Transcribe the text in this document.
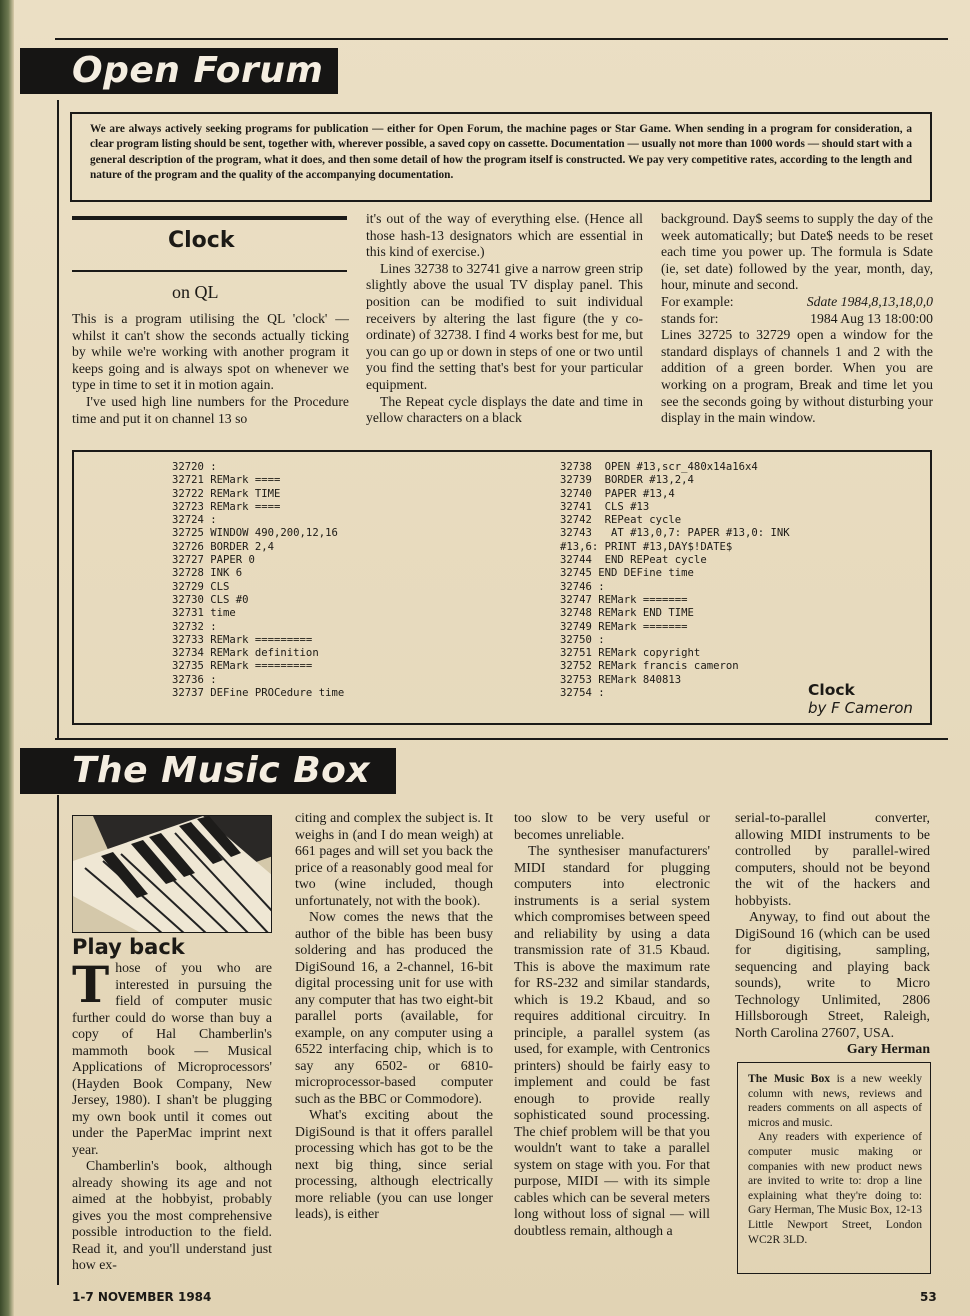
Open Forum
We are always actively seeking programs for publication — either for Open Forum, the machine pages or Star Game. When sending in a program for consideration, a clear program listing should be sent, together with, wherever possible, a saved copy on cassette. Documentation — usually not more than 1000 words — should start with a general description of the program, what it does, and then some detail of how the program itself is constructed. We pay very competitive rates, according to the length and nature of the program and the quality of the accompanying documentation.
Clock
on QL

This is a program utilising the QL 'clock' — whilst it can't show the seconds actually ticking by while we're working with another program it keeps going and is always spot on whenever we type in time to set it in motion again.

I've used high line numbers for the Procedure time and put it on channel 13 so

it's out of the way of everything else. (Hence all those hash-13 designators which are essential in this kind of exercise.)

Lines 32738 to 32741 give a narrow green strip slightly above the usual TV display panel. This position can be modified to suit individual receivers by altering the last figure (the y co-ordinate) of 32738. I find 4 works best for me, but you can go up or down in steps of one or two until you find the setting that's best for your particular equipment.

The Repeat cycle displays the date and time in yellow characters on a black

background. Day$ seems to supply the day of the week automatically; but Date$ needs to be reset each time you power up. The formula is Sdate (ie, set date) followed by the year, month, day, hour, minute and second.

For example:	Sdate 1984,8,13,18,0,0
stands for:	1984 Aug 13 18:00:00

Lines 32725 to 32729 open a window for the standard displays of channels 1 and 2 with the addition of a green border. When you are working on a program, Break and time let you see the seconds going by without disturbing your display in the main window.

32720 :
32721 REMark ====
32722 REMark TIME
32723 REMark ====
32724 :
32725 WINDOW 490,200,12,16
32726 BORDER 2,4
32727 PAPER 0
32728 INK 6
32729 CLS
32730 CLS #0
32731 time
32732 :
32733 REMark =========
32734 REMark definition
32735 REMark =========
32736 :
32737 DEFine PROCedure time
32738  OPEN #13,scr_480x14a16x4
32739  BORDER #13,2,4
32740  PAPER #13,4
32741  CLS #13
32742  REPeat cycle
32743   AT #13,0,7: PAPER #13,0: INK
#13,6: PRINT #13,DAY$!DATE$
32744  END REPeat cycle
32745 END DEFine time
32746 :
32747 REMark =======
32748 REMark END TIME
32749 REMark =======
32750 :
32751 REMark copyright
32752 REMark francis cameron
32753 REMark 840813
32754 :	Clock
by F Cameron
The Music Box
Play back

Those of you who are interested in pursuing the field of computer music further could do worse than buy a copy of Hal Chamberlin's mammoth book — Musical Applications of Microprocessors' (Hayden Book Company, New Jersey, 1980). I shan't be plugging my own book until it comes out under the PaperMac imprint next year.

Chamberlin's book, although already showing its age and not aimed at the hobbyist, probably gives you the most comprehensive possible introduction to the field. Read it, and you'll understand just how ex-

citing and complex the subject is. It weighs in (and I do mean weigh) at 661 pages and will set you back the price of a reasonably good meal for two (wine included, though unfortunately, not with the book).

Now comes the news that the author of the bible has been busy soldering and has produced the DigiSound 16, a 2-channel, 16-bit digital processing unit for use with any computer that has two eight-bit parallel ports (available, for example, on any computer using a 6522 interfacing chip, which is to say any 6502- or 6810-microprocessor-based computer such as the BBC or Commodore).

What's exciting about the DigiSound is that it offers parallel processing which has got to be the next big thing, since serial processing, although electrically more reliable (you can use longer leads), is either

too slow to be very useful or becomes unreliable.

The synthesiser manufacturers' MIDI standard for plugging computers into electronic instruments is a serial system which compromises between speed and reliability by using a data transmission rate of 31.5 Kbaud. This is above the maximum rate for RS-232 and similar standards, which is 19.2 Kbaud, and so requires additional circuitry. In principle, a parallel system (as used, for example, with Centronics printers) should be fairly easy to implement and could be fast enough to provide really sophisticated sound processing. The chief problem will be that you wouldn't want to take a parallel system on stage with you. For that purpose, MIDI — with its simple cables which can be several meters long without loss of signal — will doubtless remain, although a

serial-to-parallel converter, allowing MIDI instruments to be controlled by parallel-wired computers, should not be beyond the wit of the hackers and hobbyists.

Anyway, to find out about the DigiSound 16 (which can be used for digitising, sampling, sequencing and playing back sounds), write to Micro Technology Unlimited, 2806 Hillsborough Street, Raleigh, North Carolina 27607, USA.

Gary Herman

The Music Box is a new weekly column with news, reviews and readers comments on all aspects of micros and music.

Any readers with experience of computer music making or companies with new product news are invited to write to: drop a line explaining what they're doing to: Gary Herman, The Music Box, 12-13 Little Newport Street, London WC2R 3LD.

1-7 NOVEMBER 1984	53
